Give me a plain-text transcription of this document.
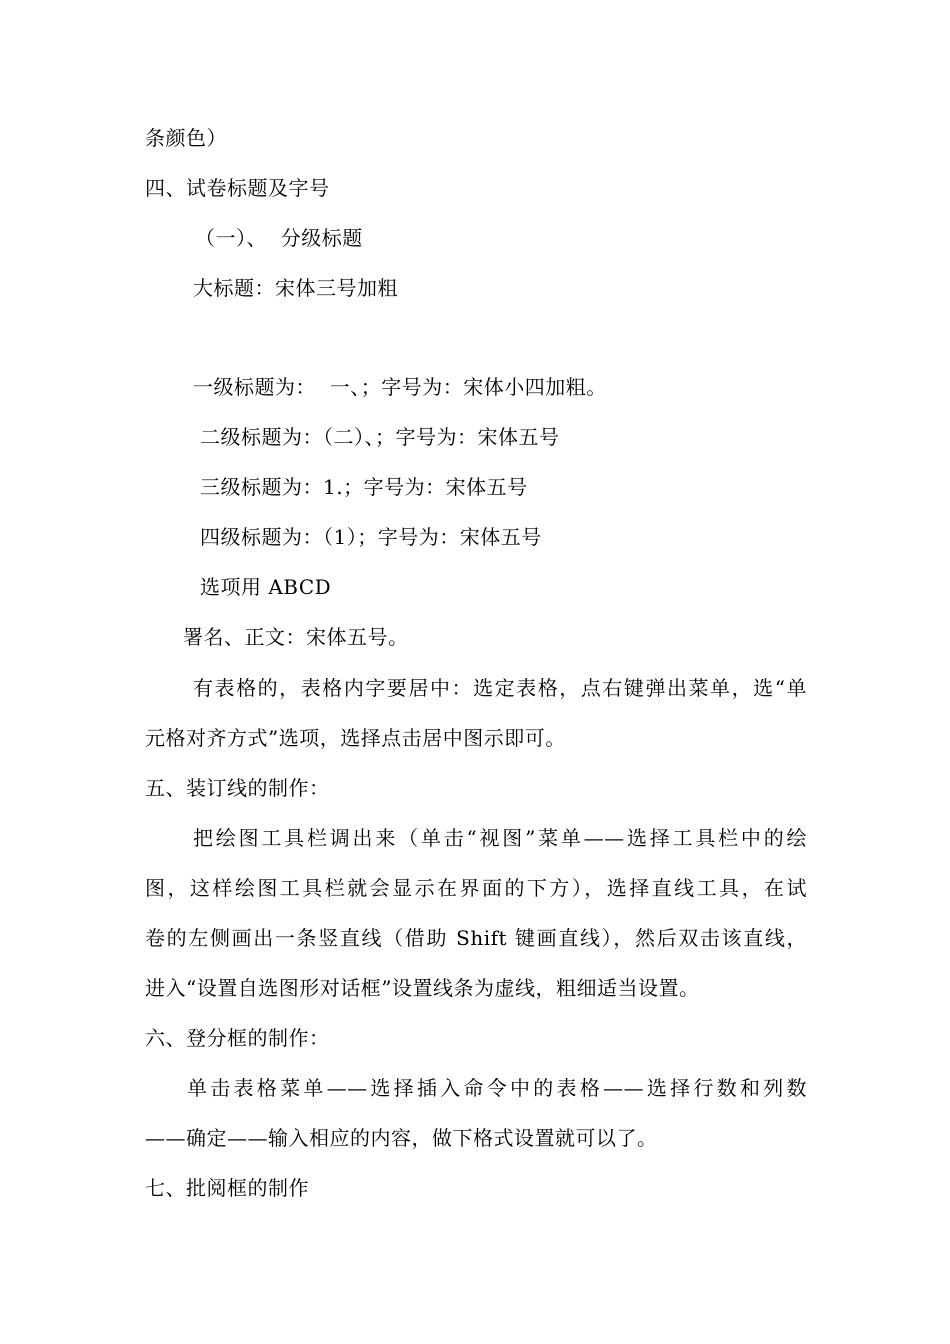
条颜色）
四、试卷标题及字号
（一）、  分级标题
大标题：宋体三号加粗
一级标题为：  一、；字号为：宋体小四加粗。
二级标题为：（二）、；字号为：宋体五号
三级标题为：1.；字号为：宋体五号
四级标题为：（1）；字号为：宋体五号
选项用 ABCD
署名、正文：宋体五号。
有表格的，表格内字要居中：选定表格，点右键弹出菜单，选“单
元格对齐方式”选项，选择点击居中图示即可。
五、装订线的制作：
把绘图工具栏调出来（单击“视图”菜单——选择工具栏中的绘
图，这样绘图工具栏就会显示在界面的下方），选择直线工具，在试
卷的左侧画出一条竖直线（借助 Shift 键画直线），然后双击该直线，
进入“设置自选图形对话框”设置线条为虚线，粗细适当设置。
六、登分框的制作：
单击表格菜单——选择插入命令中的表格——选择行数和列数
——确定——输入相应的内容，做下格式设置就可以了。
七、批阅框的制作
